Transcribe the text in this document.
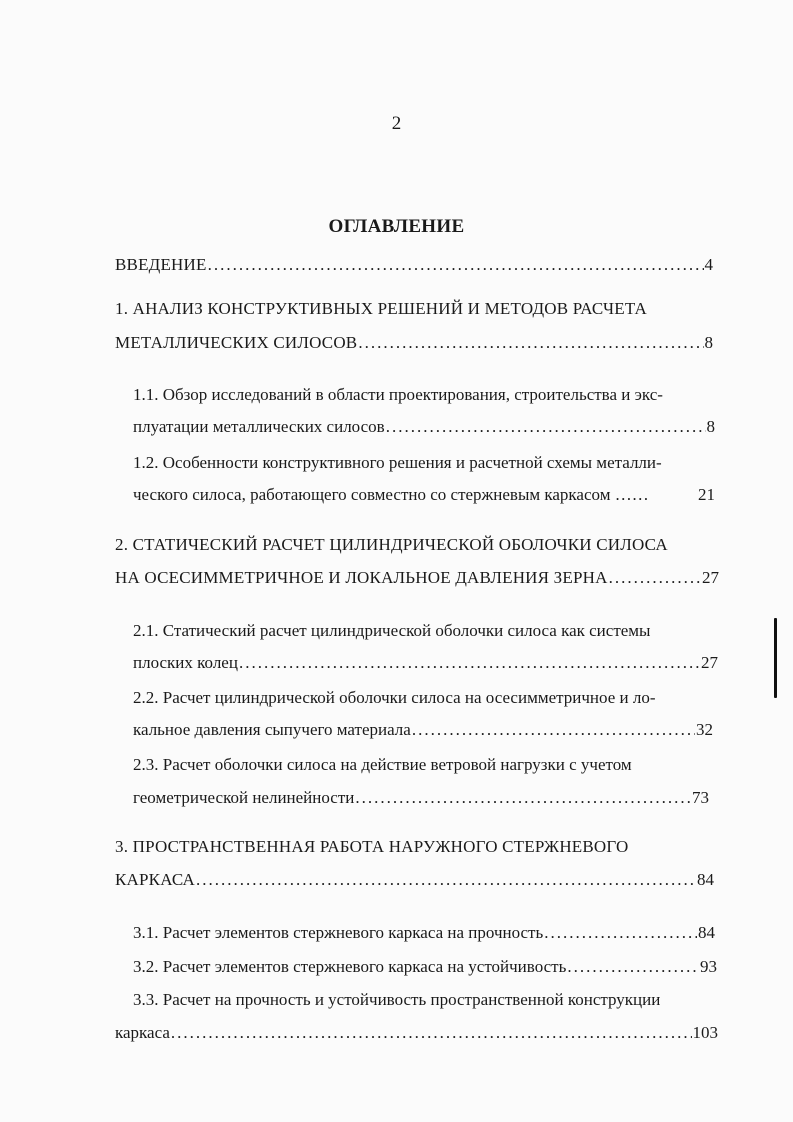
2
ОГЛАВЛЕНИЕ
ВВЕДЕНИЕ .....	4
1. АНАЛИЗ КОНСТРУКТИВНЫХ РЕШЕНИЙ И МЕТОДОВ РАСЧЕТА
МЕТАЛЛИЧЕСКИХ СИЛОСОВ .....	8
1.1. Обзор исследований в области проектирования, строительства и экс-
плуатации металлических силосов .....	8
1.2. Особенности конструктивного решения и расчетной схемы металли-
ческого силоса, работающего совместно со стержневым каркасом ……	21
2. СТАТИЧЕСКИЙ РАСЧЕТ ЦИЛИНДРИЧЕСКОЙ ОБОЛОЧКИ СИЛОСА
НА ОСЕСИММЕТРИЧНОЕ И ЛОКАЛЬНОЕ ДАВЛЕНИЯ ЗЕРНА .....	27
2.1. Статический расчет цилиндрической оболочки силоса как системы
плоских колец .....	27
2.2. Расчет цилиндрической оболочки силоса на осесимметричное и ло-
кальное давления сыпучего материала .....	32
2.3. Расчет оболочки силоса на действие ветровой нагрузки с учетом
геометрической нелинейности .....	73
3. ПРОСТРАНСТВЕННАЯ РАБОТА НАРУЖНОГО СТЕРЖНЕВОГО
КАРКАСА .....	84
3.1. Расчет элементов стержневого каркаса на прочность .....	84
3.2. Расчет элементов стержневого каркаса на устойчивость .....	93
3.3. Расчет на прочность и устойчивость пространственной конструкции
каркаса .....	103
